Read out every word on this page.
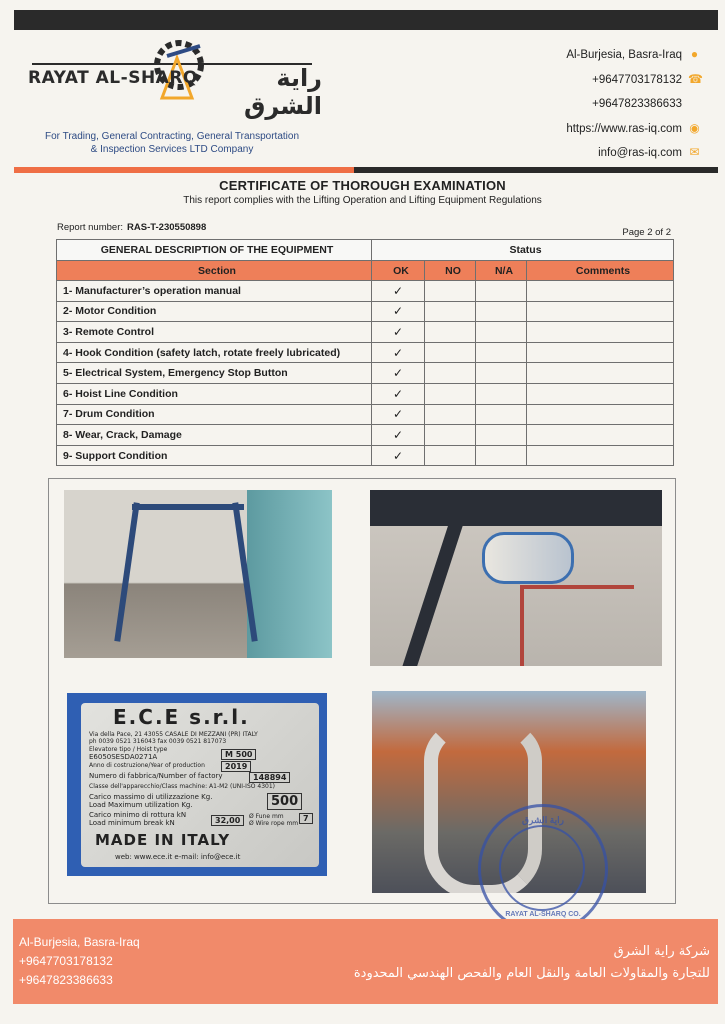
RAYAT AL-SHARQ	راية الشرق
For Trading, General Contracting, General Transportation
& Inspection Services LTD Company
Al-Burjesia, Basra-Iraq ●
+9647703178132 ☎
+9647823386633
https://www.ras-iq.com ◉
info@ras-iq.com ✉
CERTIFICATE OF THOROUGH EXAMINATION
This report complies with the Lifting Operation and Lifting Equipment Regulations
Report number: RAS-T-230550898	Page 2 of 2
GENERAL DESCRIPTION OF THE EQUIPMENT	Status			
Section	OK	NO	N/A	Comments
1- Manufacturer’s operation manual	✓			
2- Motor Condition	✓			
3- Remote Control	✓			
4- Hook Condition (safety latch, rotate freely lubricated)	✓			
5- Electrical System, Emergency Stop Button	✓			
6- Hoist Line Condition	✓			
7- Drum Condition	✓			
8- Wear, Crack, Damage	✓			
9- Support Condition	✓			
E.C.E s.r.l.
Via della Pace, 21 43055 CASALE DI MEZZANI (PR) ITALY
ph 0039 0521 316043 fax 0039 0521 817073
Elevatore tipo / Hoist type
E6050SESDA0271A	M 500
Anno di costruzione/Year of production	2019
Numero di fabbrica/Number of factory	148894
Classe dell'apparecchio/Class machine: A1-M2 (UNI-ISO 4301)
Carico massimo di utilizzazione Kg.
Load Maximum utilization Kg.	500
Carico minimo di rottura kN
Load minimum break kN	32,00	Ø Fune mm
Ø Wire rope mm
7
MADE IN ITALY
web: www.ece.it e-mail: info@ece.it
راية الشرق
RAYAT AL-SHARQ CO.
Al-Burjesia, Basra-Iraq
+9647703178132
+9647823386633
شركة راية الشرق
للتجارة والمقاولات العامة والنقل العام والفحص الهندسي المحدودة
